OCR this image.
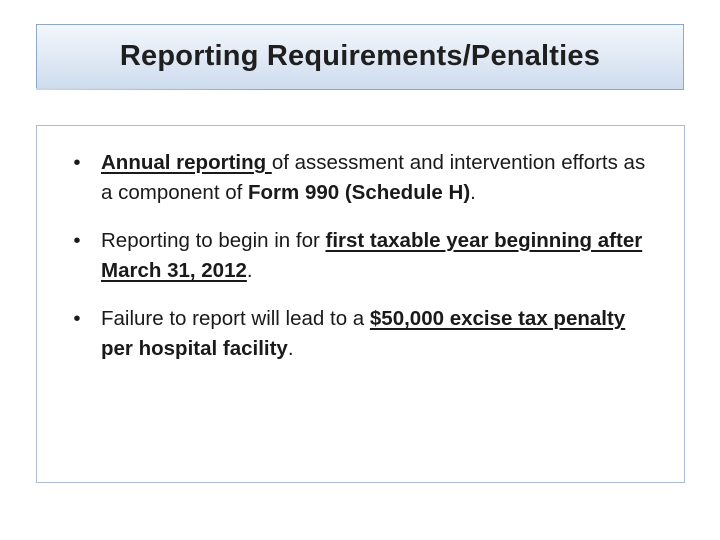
Reporting Requirements/Penalties
• Annual reporting of assessment and intervention efforts as a component of Form 990 (Schedule H).
• Reporting to begin in for first taxable year beginning after March 31, 2012.
• Failure to report will lead to a $50,000 excise tax penalty per hospital facility.
